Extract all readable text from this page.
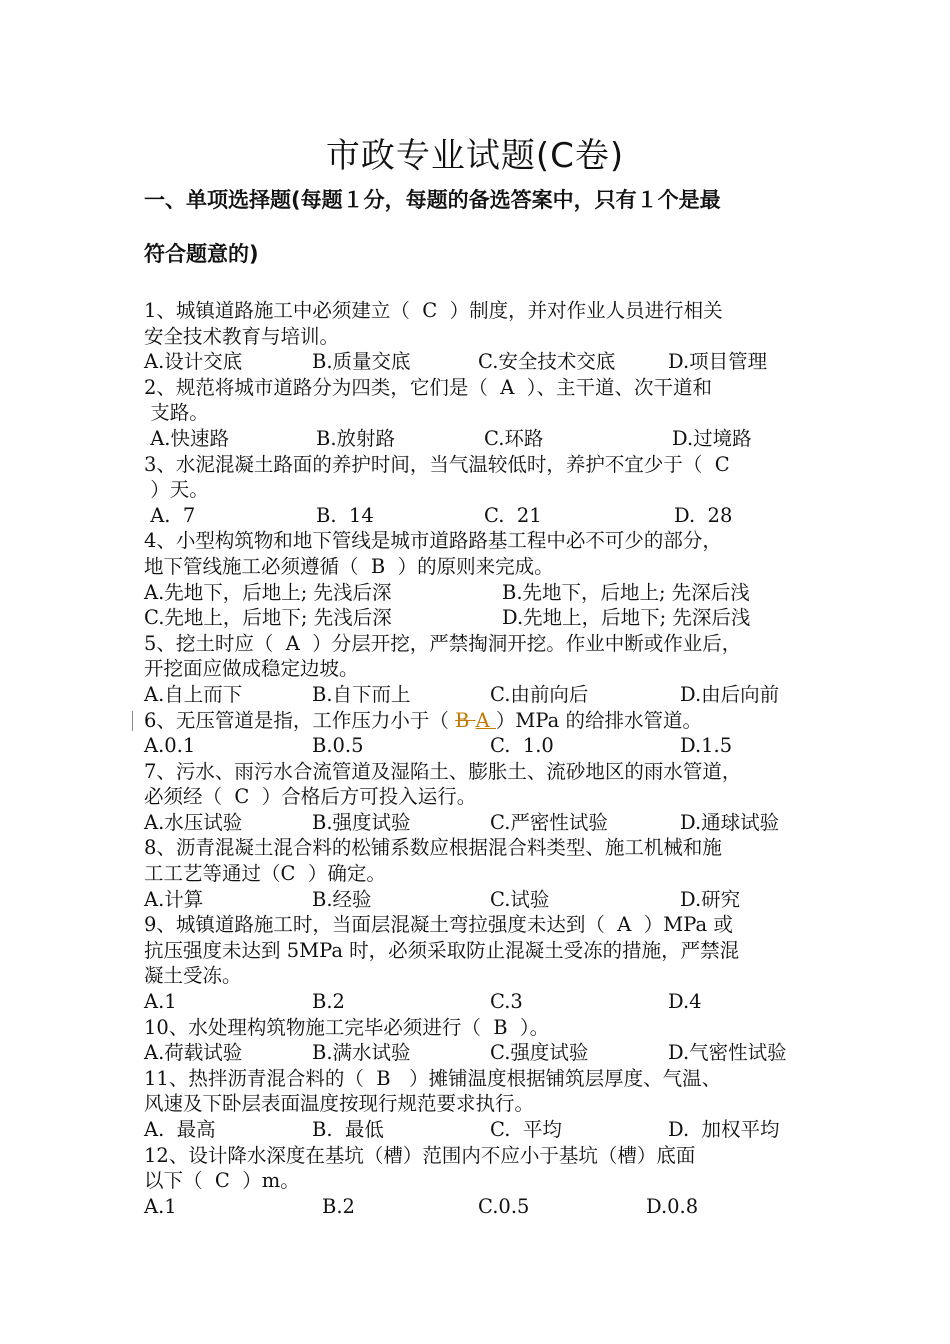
市政专业试题(C卷)
一、单项选择题(每题１分，每题的备选答案中，只有１个是最
符合题意的)
1、城镇道路施工中必须建立（  C  ）制度，并对作业人员进行相关
安全技术教育与培训。
A.设计交底	B.质量交底	C.安全技术交底	D.项目管理
2、规范将城市道路分为四类，它们是（  A  ）、主干道、次干道和
支路。
A.快速路	B.放射路	C.环路	D.过境路
3、水泥混凝土路面的养护时间，当气温较低时，养护不宜少于（  C
）天。
A.  7	B.  14	C.  21	D.  28
4、小型构筑物和地下管线是城市道路路基工程中必不可少的部分，
地下管线施工必须遵循（  B  ）的原则来完成。
A.先地下，后地上; 先浅后深	B.先地下，后地上; 先深后浅
C.先地上，后地下; 先浅后深	D.先地上，后地下; 先深后浅
5、挖土时应（  A  ）分层开挖，严禁掏洞开挖。作业中断或作业后，
开挖面应做成稳定边坡。
A.自上而下	B.自下而上	C.由前向后	D.由后向前
6、无压管道是指，工作压力小于（ B A ）MPa 的给排水管道。
A.0.1	B.0.5	C.  1.0	D.1.5
7、污水、雨污水合流管道及湿陷土、膨胀土、流砂地区的雨水管道，
必须经（  C  ）合格后方可投入运行。
A.水压试验	B.强度试验	C.严密性试验	D.通球试验
8、沥青混凝土混合料的松铺系数应根据混合料类型、施工机械和施
工工艺等通过（C  ）确定。
A.计算	B.经验	C.试验	D.研究
9、城镇道路施工时，当面层混凝土弯拉强度未达到（  A  ）MPa 或
抗压强度未达到 5MPa 时，必须采取防止混凝土受冻的措施，严禁混
凝土受冻。
A.1	B.2	C.3	D.4
10、水处理构筑物施工完毕必须进行（  B  ）。
A.荷载试验	B.满水试验	C.强度试验	D.气密性试验
11、热拌沥青混合料的（  B   ）摊铺温度根据铺筑层厚度、气温、
风速及下卧层表面温度按现行规范要求执行。
A.  最高	B.  最低	C.  平均	D.  加权平均
12、设计降水深度在基坑（槽）范围内不应小于基坑（槽）底面
以下（  C  ）m。
A.1	B.2	C.0.5	D.0.8
